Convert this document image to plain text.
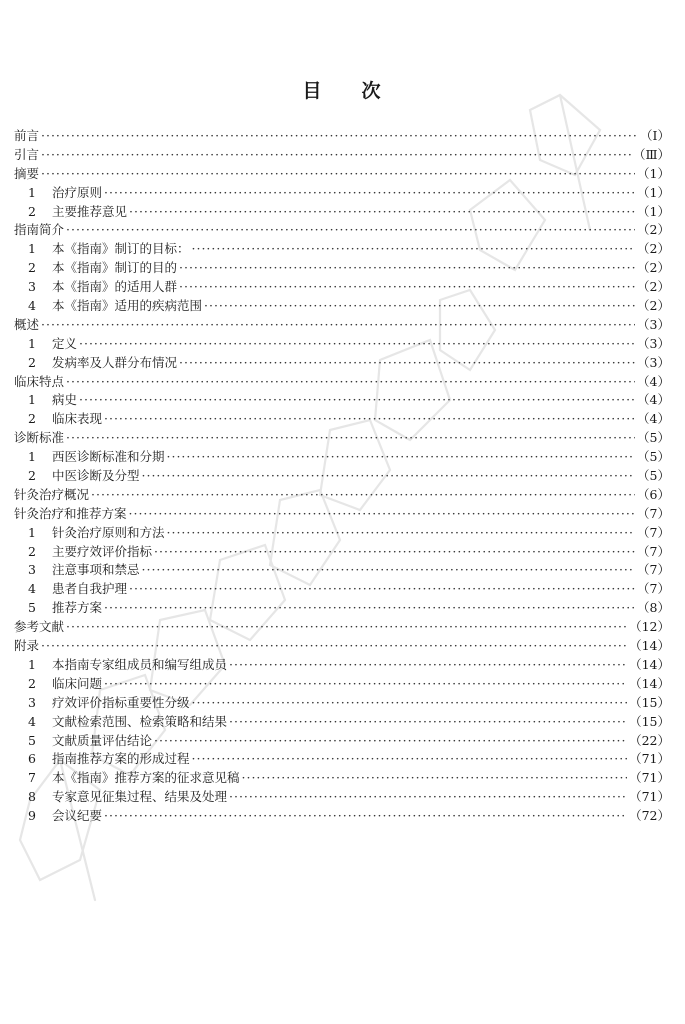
目 次
前言 ·····	（Ⅰ）
引言 ·····	（Ⅲ）
摘要 ·····	（1）
1	治疗原则 ·····	（1）
2	主要推荐意见 ·····	（1）
指南简介 ·····	（2）
1	本《指南》制订的目标： ·····	（2）
2	本《指南》制订的目的 ·····	（2）
3	本《指南》的适用人群 ·····	（2）
4	本《指南》适用的疾病范围 ·····	（2）
概述 ·····	（3）
1	定义 ·····	（3）
2	发病率及人群分布情况 ·····	（3）
临床特点 ·····	（4）
1	病史 ·····	（4）
2	临床表现 ·····	（4）
诊断标准 ·····	（5）
1	西医诊断标准和分期 ·····	（5）
2	中医诊断及分型 ·····	（5）
针灸治疗概况 ·····	（6）
针灸治疗和推荐方案 ·····	（7）
1	针灸治疗原则和方法 ·····	（7）
2	主要疗效评价指标 ·····	（7）
3	注意事项和禁忌 ·····	（7）
4	患者自我护理 ·····	（7）
5	推荐方案 ·····	（8）
参考文献 ·····	（12）
附录 ·····	（14）
1	本指南专家组成员和编写组成员 ·····	（14）
2	临床问题 ·····	（14）
3	疗效评价指标重要性分级 ·····	（15）
4	文献检索范围、检索策略和结果 ·····	（15）
5	文献质量评估结论 ·····	（22）
6	指南推荐方案的形成过程 ·····	（71）
7	本《指南》推荐方案的征求意见稿 ·····	（71）
8	专家意见征集过程、结果及处理 ·····	（71）
9	会议纪要 ·····	（72）
